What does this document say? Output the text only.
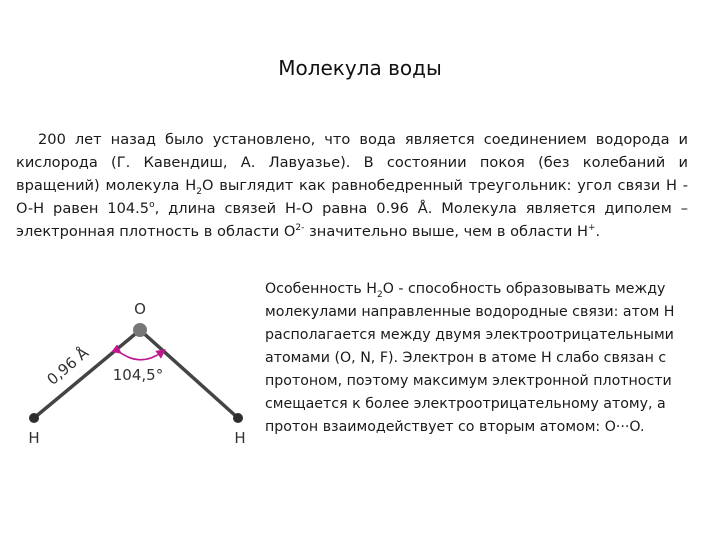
Молекула воды

200 лет назад было установлено, что вода является соединением водорода и кислорода (Г. Кавендиш, А. Лавуазье). В состоянии покоя (без колебаний и вращений) молекула $H_2O$ выглядит как равнобедренный треугольник: угол связи H -O-H равен $104.5^о$, длина связей H-O равна 0.96 Å. Молекула является диполем – электронная плотность в области $O^{2-}$ значительно выше, чем в области H+.

Особенность $H_2O$ - способность образовывать между молекулами направленные водородные связи: атом H располагается между двумя электроотрицательными атомами (O, N, F). Электрон в атоме H слабо связан с протоном, поэтому максимум электронной плотности смещается к более электроотрицательному атому, а протон взаимодействует со вторым атомом: O···O.

O
H	H
0,96 Å 104,5°
